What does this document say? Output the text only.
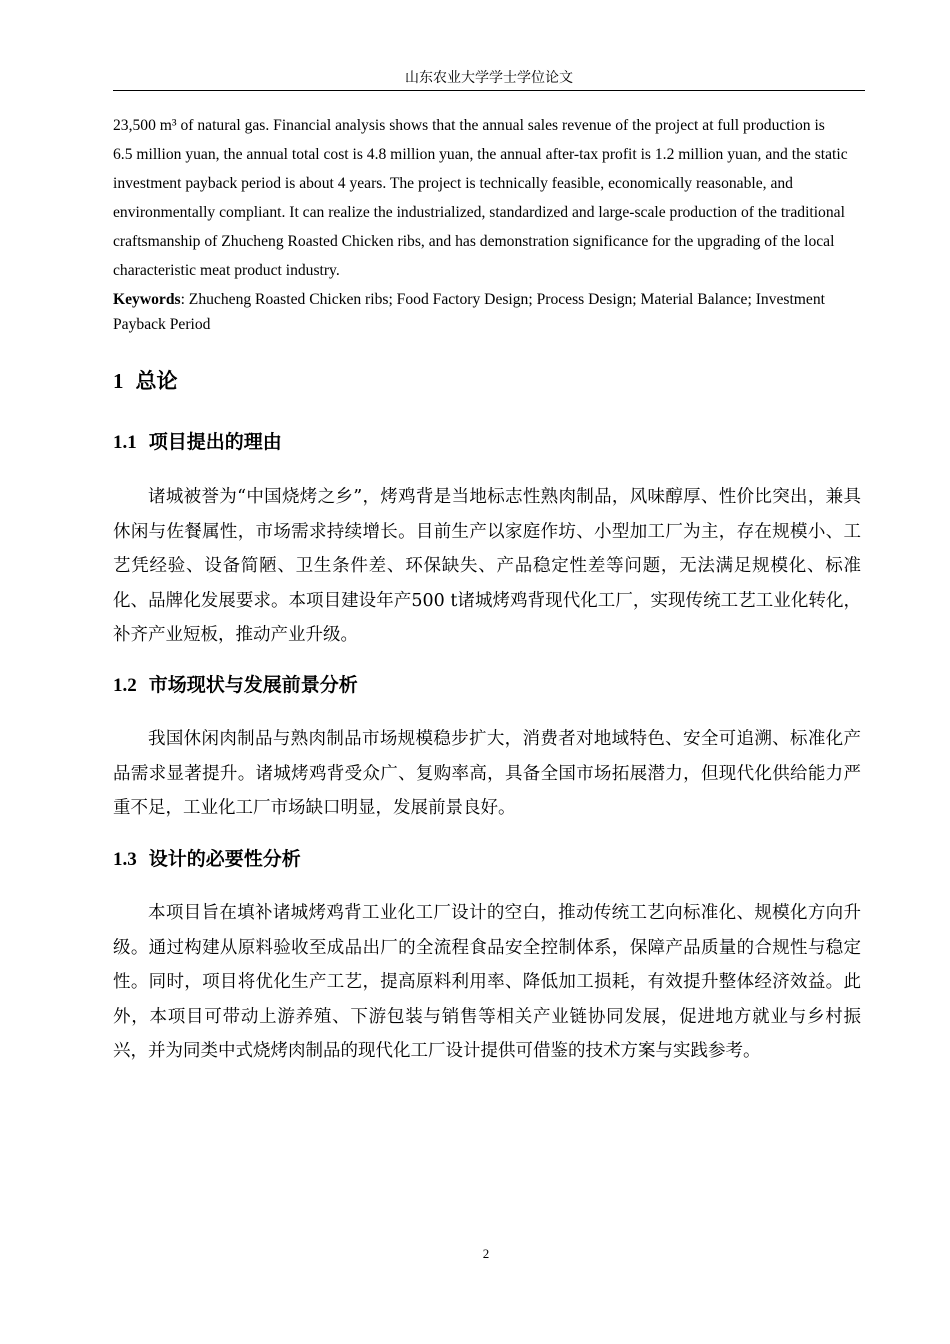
山东农业大学学士学位论文

23,500 m³ of natural gas. Financial analysis shows that the annual sales revenue of the project at full production is 6.5 million yuan, the annual total cost is 4.8 million yuan, the annual after-tax profit is 1.2 million yuan, and the static investment payback period is about 4 years. The project is technically feasible, economically reasonable, and environmentally compliant. It can realize the industrialized, standardized and large-scale production of the traditional craftsmanship of Zhucheng Roasted Chicken ribs, and has demonstration significance for the upgrading of the local characteristic meat product industry.

Keywords: Zhucheng Roasted Chicken ribs; Food Factory Design; Process Design; Material Balance; Investment Payback Period

1 总论
1.1 项目提出的理由

诸城被誉为“中国烧烤之乡”，烤鸡背是当地标志性熟肉制品，风味醇厚、性价比突出，兼具休闲与佐餐属性，市场需求持续增长。目前生产以家庭作坊、小型加工厂为主，存在规模小、工艺凭经验、设备简陋、卫生条件差、环保缺失、产品稳定性差等问题，无法满足规模化、标准化、品牌化发展要求。本项目建设年产500 t诸城烤鸡背现代化工厂，实现传统工艺工业化转化，补齐产业短板，推动产业升级。

1.2 市场现状与发展前景分析

我国休闲肉制品与熟肉制品市场规模稳步扩大，消费者对地域特色、安全可追溯、标准化产品需求显著提升。诸城烤鸡背受众广、复购率高，具备全国市场拓展潜力，但现代化供给能力严重不足，工业化工厂市场缺口明显，发展前景良好。

1.3 设计的必要性分析

本项目旨在填补诸城烤鸡背工业化工厂设计的空白，推动传统工艺向标准化、规模化方向升级。通过构建从原料验收至成品出厂的全流程食品安全控制体系，保障产品质量的合规性与稳定性。同时，项目将优化生产工艺，提高原料利用率、降低加工损耗，有效提升整体经济效益。此外，本项目可带动上游养殖、下游包装与销售等相关产业链协同发展，促进地方就业与乡村振兴，并为同类中式烧烤肉制品的现代化工厂设计提供可借鉴的技术方案与实践参考。

2
